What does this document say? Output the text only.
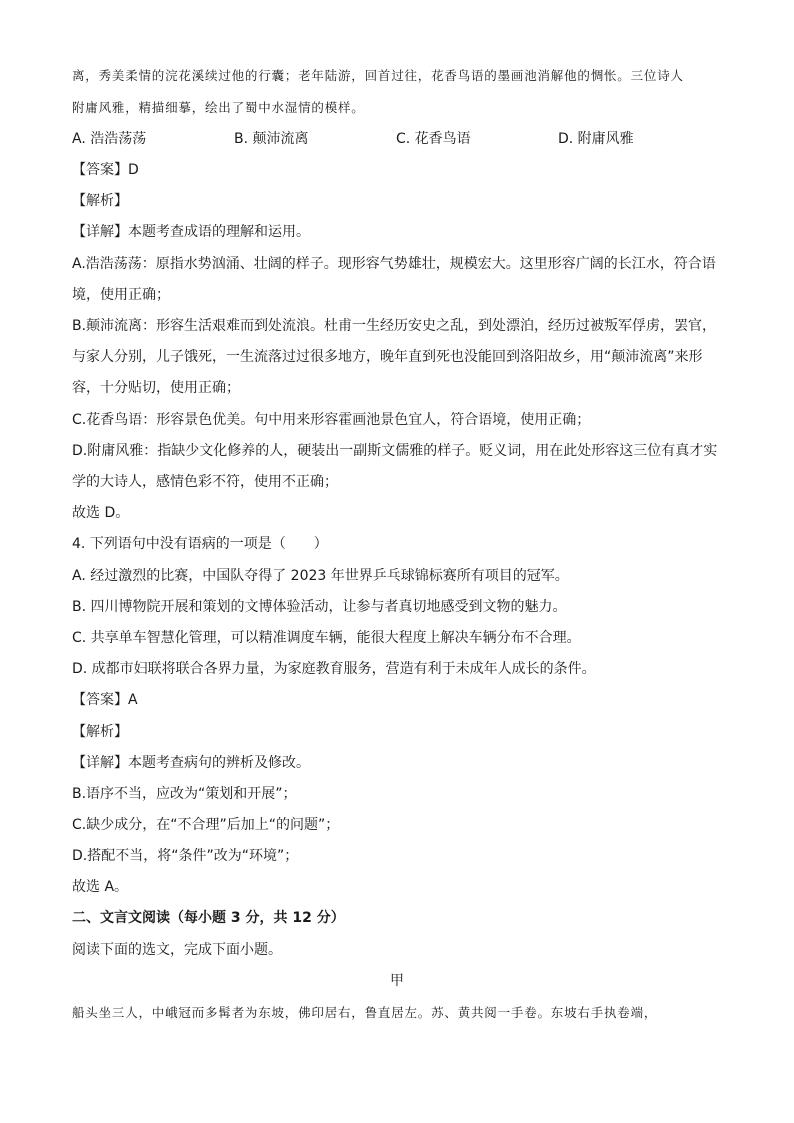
离，秀美柔情的浣花溪续过他的行囊；老年陆游，回首过往，花香鸟语的墨画池消解他的惆怅。三位诗人
附庸风雅，精描细摹，绘出了蜀中水湿情的模样。
A. 浩浩荡荡	B. 颠沛流离	C. 花香鸟语	D. 附庸风雅
【答案】D
【解析】
【详解】本题考查成语的理解和运用。
A.浩浩荡荡：原指水势汹涌、壮阔的样子。现形容气势雄壮，规模宏大。这里形容广阔的长江水，符合语
境，使用正确；
B.颠沛流离：形容生活艰难而到处流浪。杜甫一生经历安史之乱，到处漂泊，经历过被叛军俘虏，罢官，
与家人分别，儿子饿死，一生流落过过很多地方，晚年直到死也没能回到洛阳故乡，用“颠沛流离”来形
容，十分贴切，使用正确；
C.花香鸟语：形容景色优美。句中用来形容霍画池景色宜人，符合语境，使用正确；
D.附庸风雅：指缺少文化修养的人，硬装出一副斯文儒雅的样子。贬义词，用在此处形容这三位有真才实
学的大诗人，感情色彩不符，使用不正确；
故选 D。
4. 下列语句中没有语病的一项是（　　）
A. 经过激烈的比赛，中国队夺得了 2023 年世界乒乓球锦标赛所有项目的冠军。
B. 四川博物院开展和策划的文博体验活动，让参与者真切地感受到文物的魅力。
C. 共享单车智慧化管理，可以精准调度车辆，能很大程度上解决车辆分布不合理。
D. 成都市妇联将联合各界力量，为家庭教育服务，营造有利于未成年人成长的条件。
【答案】A
【解析】
【详解】本题考查病句的辨析及修改。
B.语序不当，应改为“策划和开展”；
C.缺少成分，在“不合理”后加上“的问题”；
D.搭配不当，将“条件”改为“环境”；
故选 A。
二、文言文阅读（每小题 3 分，共 12 分）
阅读下面的选文，完成下面小题。
甲
船头坐三人，中峨冠而多髯者为东坡，佛印居右，鲁直居左。苏、黄共阅一手卷。东坡右手执卷端，
